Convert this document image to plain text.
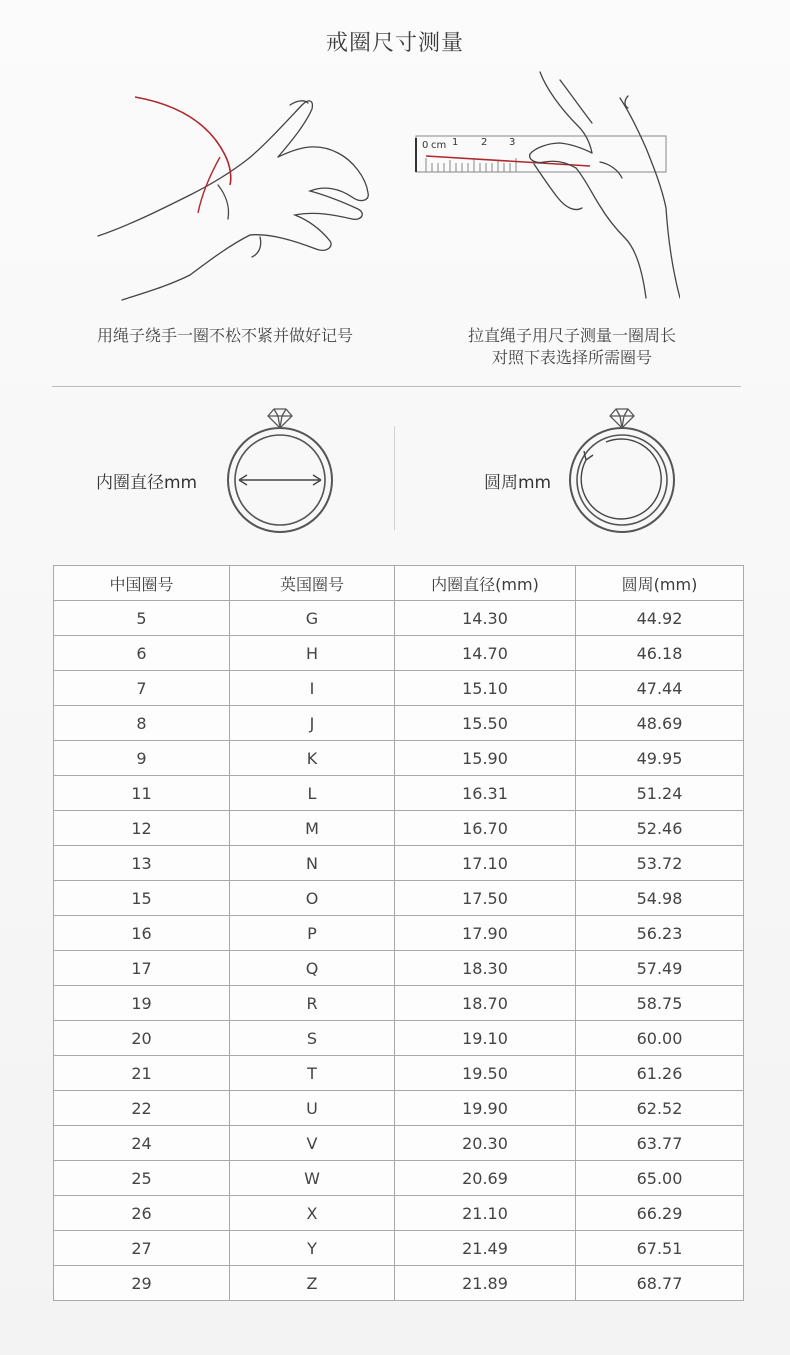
戒圈尺寸测量
0 cm 1 2 3
用绳子绕手一圈不松不紧并做好记号	拉直绳子用尺子测量一圈周长
对照下表选择所需圈号
内圈直径mm	圆周mm
中国圈号	英国圈号	内圈直径(mm)	圆周(mm)
5	G	14.30	44.92
6	H	14.70	46.18
7	I	15.10	47.44
8	J	15.50	48.69
9	K	15.90	49.95
11	L	16.31	51.24
12	M	16.70	52.46
13	N	17.10	53.72
15	O	17.50	54.98
16	P	17.90	56.23
17	Q	18.30	57.49
19	R	18.70	58.75
20	S	19.10	60.00
21	T	19.50	61.26
22	U	19.90	62.52
24	V	20.30	63.77
25	W	20.69	65.00
26	X	21.10	66.29
27	Y	21.49	67.51
29	Z	21.89	68.77
